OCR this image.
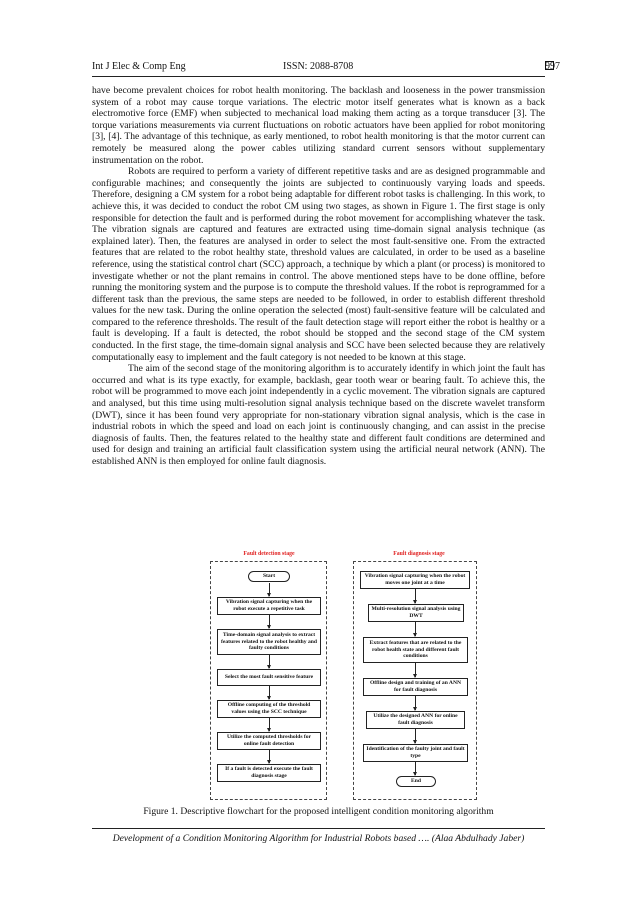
Int J Elec & Comp Eng	ISSN: 2088-8708	997

have become prevalent choices for robot health monitoring. The backlash and looseness in the power transmission system of a robot may cause torque variations. The electric motor itself generates what is known as a back electromotive force (EMF) when subjected to mechanical load making them acting as a torque transducer [3]. The torque variations measurements via current fluctuations on robotic actuators have been applied for robot monitoring [3], [4]. The advantage of this technique, as early mentioned, to robot health monitoring is that the motor current can remotely be measured along the power cables utilizing standard current sensors without supplementary instrumentation on the robot.

Robots are required to perform a variety of different repetitive tasks and are as designed programmable and configurable machines; and consequently the joints are subjected to continuously varying loads and speeds. Therefore, designing a CM system for a robot being adaptable for different robot tasks is challenging. In this work, to achieve this, it was decided to conduct the robot CM using two stages, as shown in Figure 1. The first stage is only responsible for detection the fault and is performed during the robot movement for accomplishing whatever the task. The vibration signals are captured and features are extracted using time-domain signal analysis technique (as explained later). Then, the features are analysed in order to select the most fault-sensitive one. From the extracted features that are related to the robot healthy state, threshold values are calculated, in order to be used as a baseline reference, using the statistical control chart (SCC) approach, a technique by which a plant (or process) is monitored to investigate whether or not the plant remains in control. The above mentioned steps have to be done offline, before running the monitoring system and the purpose is to compute the threshold values. If the robot is reprogrammed for a different task than the previous, the same steps are needed to be followed, in order to establish different threshold values for the new task. During the online operation the selected (most) fault-sensitive feature will be calculated and compared to the reference thresholds. The result of the fault detection stage will report either the robot is healthy or a fault is developing. If a fault is detected, the robot should be stopped and the second stage of the CM system conducted. In the first stage, the time-domain signal analysis and SCC have been selected because they are relatively computationally easy to implement and the fault category is not needed to be known at this stage.

The aim of the second stage of the monitoring algorithm is to accurately identify in which joint the fault has occurred and what is its type exactly, for example, backlash, gear tooth wear or bearing fault. To achieve this, the robot will be programmed to move each joint independently in a cyclic movement. The vibration signals are captured and analysed, but this time using multi-resolution signal analysis technique based on the discrete wavelet transform (DWT), since it has been found very appropriate for non-stationary vibration signal analysis, which is the case in industrial robots in which the speed and load on each joint is continuously changing, and can assist in the precise diagnosis of faults. Then, the features related to the healthy state and different fault conditions are determined and used for design and training an artificial fault classification system using the artificial neural network (ANN). The established ANN is then employed for online fault diagnosis.

Fault detection stage	Fault diagnosis stage
Start
Vibration signal capturing when the robot execute a repetitive task
Time-domain signal analysis to extract features related to the robot healthy and faulty conditions
Select the most fault sensitive feature
Offline computing of the threshold values using the SCC technique
Utilize the computed thresholds for online fault detection
If a fault is detected execute the fault diagnosis stage
Vibration signal capturing when the robot moves one joint at a time
Multi-resolution signal analysis using DWT
Extract features that are related to the robot health state and different fault conditions
Offline design and training of an ANN for fault diagnosis
Utilize the designed ANN for online fault diagnosis
Identification of the faulty joint and fault type
End
Figure 1. Descriptive flowchart for the proposed intelligent condition monitoring algorithm
Development of a Condition Monitoring Algorithm for Industrial Robots based …. (Alaa Abdulhady Jaber)
